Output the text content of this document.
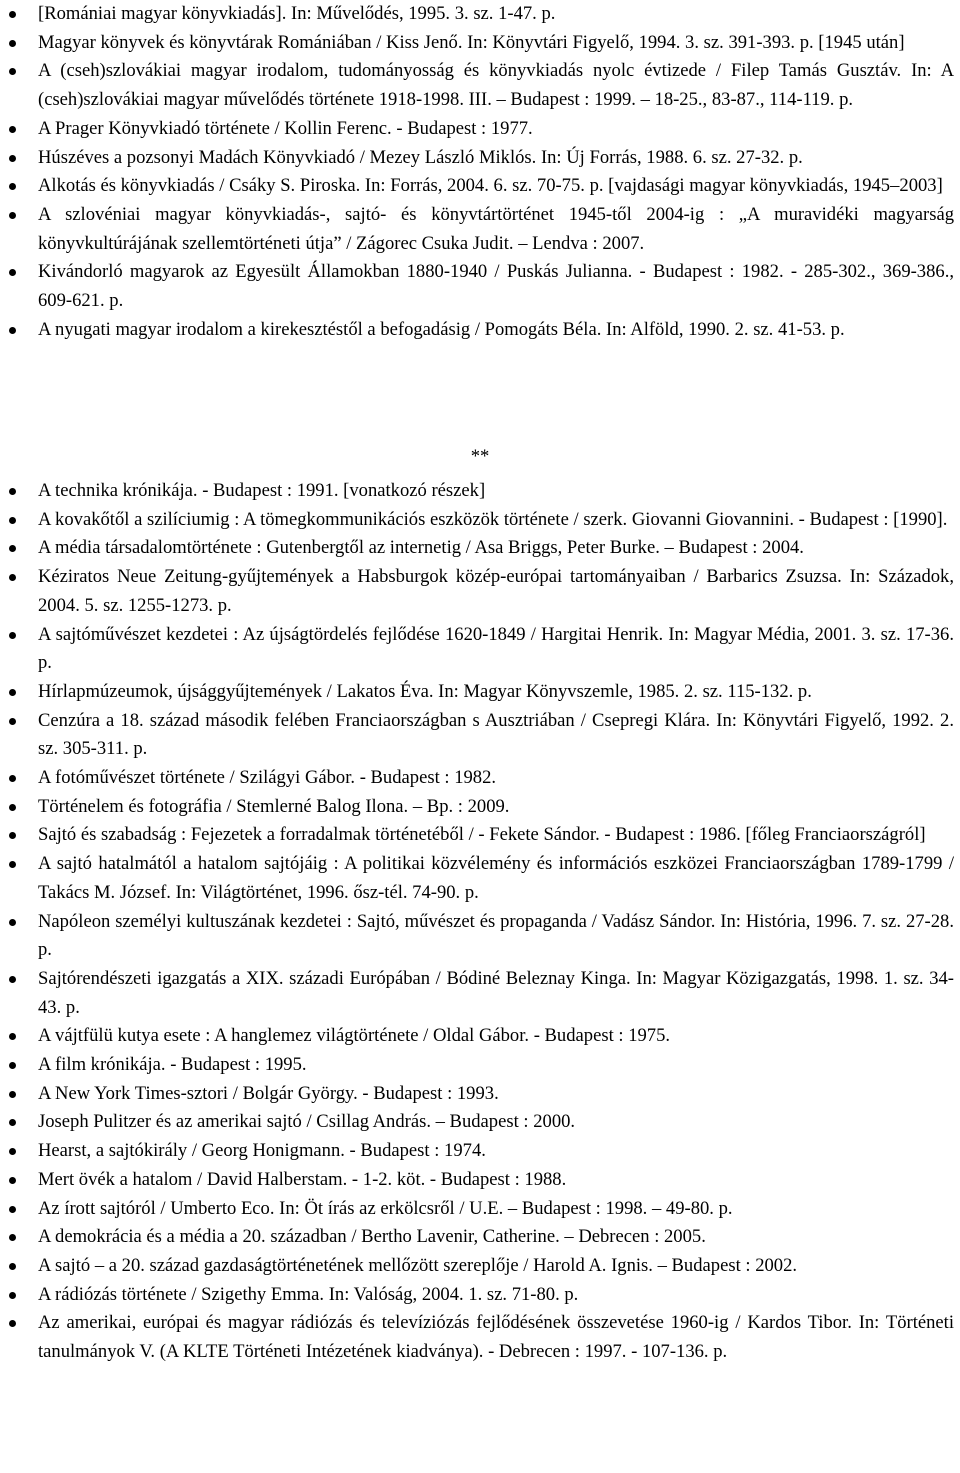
[Romániai magyar könyvkiadás]. In: Művelődés, 1995. 3. sz. 1-47. p.
Magyar könyvek és könyvtárak Romániában / Kiss Jenő. In: Könyvtári Figyelő, 1994. 3. sz. 391-393. p. [1945 után]
A (cseh)szlovákiai magyar irodalom, tudományosság és könyvkiadás nyolc évtizede / Filep Tamás Gusztáv. In: A (cseh)szlovákiai magyar művelődés története 1918-1998. III. – Budapest : 1999. – 18-25., 83-87., 114-119. p.
A Prager Könyvkiadó története / Kollin Ferenc. - Budapest : 1977.
Húszéves a pozsonyi Madách Könyvkiadó / Mezey László Miklós. In: Új Forrás, 1988. 6. sz. 27-32. p.
Alkotás és könyvkiadás / Csáky S. Piroska. In: Forrás, 2004. 6. sz. 70-75. p. [vajdasági magyar könyvkiadás, 1945–2003]
A szlovéniai magyar könyvkiadás-, sajtó- és könyvtártörténet 1945-től 2004-ig : „A muravidéki magyarság könyvkultúrájának szellemtörténeti útja” / Zágorec Csuka Judit. – Lendva : 2007.
Kivándorló magyarok az Egyesült Államokban 1880-1940 / Puskás Julianna. - Budapest : 1982. - 285-302., 369-386., 609-621. p.
A nyugati magyar irodalom a kirekesztéstől a befogadásig / Pomogáts Béla. In: Alföld, 1990. 2. sz. 41-53. p.
**
A technika krónikája. - Budapest : 1991. [vonatkozó részek]
A kovakőtől a szilíciumig : A tömegkommunikációs eszközök története / szerk. Giovanni Giovannini. - Budapest : [1990].
A média társadalomtörténete : Gutenbergtől az internetig / Asa Briggs, Peter Burke. – Budapest : 2004.
Kéziratos Neue Zeitung-gyűjtemények a Habsburgok közép-európai tartományaiban / Barbarics Zsuzsa. In: Századok, 2004. 5. sz. 1255-1273. p.
A sajtóművészet kezdetei : Az újságtördelés fejlődése 1620-1849 / Hargitai Henrik. In: Magyar Média, 2001. 3. sz. 17-36. p.
Hírlapmúzeumok, újsággyűjtemények / Lakatos Éva. In: Magyar Könyvszemle, 1985. 2. sz. 115-132. p.
Cenzúra a 18. század második felében Franciaországban s Ausztriában / Csepregi Klára. In: Könyvtári Figyelő, 1992. 2. sz. 305-311. p.
A fotóművészet története / Szilágyi Gábor. - Budapest : 1982.
Történelem és fotográfia / Stemlerné Balog Ilona. – Bp. : 2009.
Sajtó és szabadság : Fejezetek a forradalmak történetéből / - Fekete Sándor. - Budapest : 1986. [főleg Franciaországról]
A sajtó hatalmától a hatalom sajtójáig : A politikai közvélemény és információs eszközei Franciaországban 1789-1799 / Takács M. József. In: Világtörténet, 1996. ősz-tél. 74-90. p.
Napóleon személyi kultuszának kezdetei : Sajtó, művészet és propaganda / Vadász Sándor. In: História, 1996. 7. sz. 27-28. p.
Sajtórendészeti igazgatás a XIX. századi Európában / Bódiné Beleznay Kinga. In: Magyar Közigazgatás, 1998. 1. sz. 34-43. p.
A vájtfülü kutya esete : A hanglemez világtörténete / Oldal Gábor. - Budapest : 1975.
A film krónikája. - Budapest : 1995.
A New York Times-sztori / Bolgár György. - Budapest : 1993.
Joseph Pulitzer és az amerikai sajtó / Csillag András. – Budapest : 2000.
Hearst, a sajtókirály / Georg Honigmann. - Budapest : 1974.
Mert övék a hatalom / David Halberstam. - 1-2. köt. - Budapest : 1988.
Az írott sajtóról / Umberto Eco. In: Öt írás az erkölcsről / U.E. – Budapest : 1998. – 49-80. p.
A demokrácia és a média a 20. században / Bertho Lavenir, Catherine. – Debrecen : 2005.
A sajtó – a 20. század gazdaságtörténetének mellőzött szereplője / Harold A. Ignis. – Budapest : 2002.
A rádiózás története / Szigethy Emma. In: Valóság, 2004. 1. sz. 71-80. p.
Az amerikai, európai és magyar rádiózás és televíziózás fejlődésének összevetése 1960-ig / Kardos Tibor. In: Történeti tanulmányok V. (A KLTE Történeti Intézetének kiadványa). - Debrecen : 1997. - 107-136. p.
